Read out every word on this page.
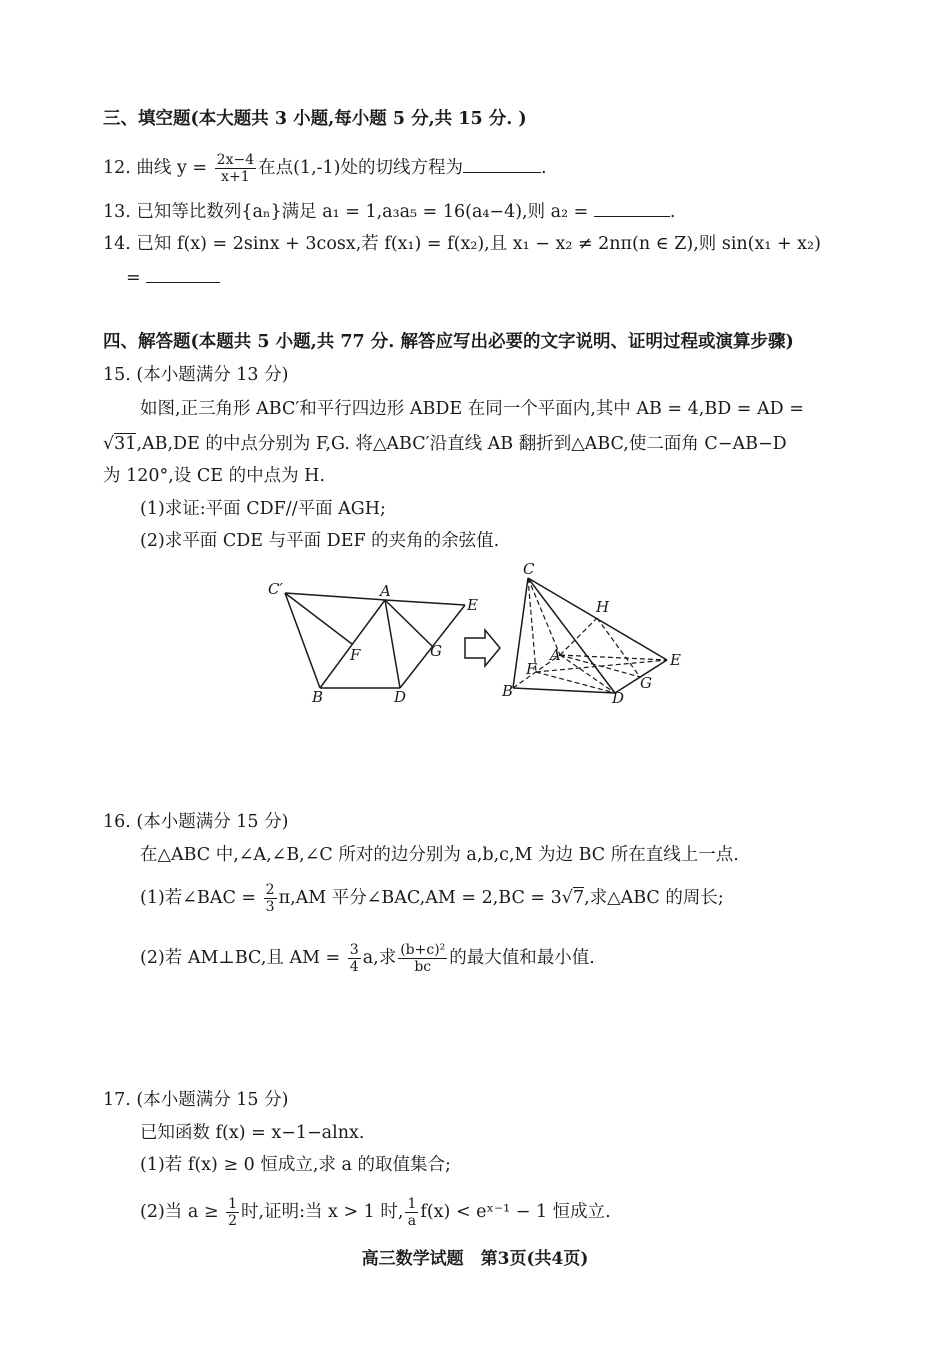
三、填空题(本大题共 3 小题,每小题 5 分,共 15 分. )
12. 曲线 $y = \frac{2x-4}{x+1}$ 在点(1,-1)处的切线方程为	.
13. 已知等比数列{aₙ}满足 a₁ = 1,a₃a₅ = 16(a₄−4),则 a₂ =	.
14. 已知 f(x) = 2sinx + 3cosx,若 f(x₁) = f(x₂),且 x₁ − x₂ ≠ 2nπ(n ∈ Z),则 sin(x₁ + x₂)
=
四、解答题(本题共 5 小题,共 77 分. 解答应写出必要的文字说明、证明过程或演算步骤)
15. (本小题满分 13 分)
如图,正三角形 ABC′和平行四边形 ABDE 在同一个平面内,其中 AB = 4,BD = AD =
√31,AB,DE 的中点分别为 F,G. 将△ABC′沿直线 AB 翻折到△ABC,使二面角 C−AB−D
为 120°,设 CE 的中点为 H.
(1)求证:平面 CDF//平面 AGH;
(2)求平面 CDE 与平面 DEF 的夹角的余弦值.
C′	A
E
F	G
B	D
C
H
A	E
F
G
B	D
16. (本小题满分 15 分)
在△ABC 中,∠A,∠B,∠C 所对的边分别为 a,b,c,M 为边 BC 所在直线上一点.
(1)若∠BAC = $\frac{2}{3} \pi,AM$ 平分∠BAC,AM = 2,BC = 3√7,求△ABC 的周长;
(2)若 AM⊥BC,且 AM = $\frac{3}{4} a$,求 $\frac{\text{(b+c)²}}{bc}$ 的最大值和最小值.
17. (本小题满分 15 分)
已知函数 f(x) = x−1−alnx.
(1)若 f(x) ≥ 0 恒成立,求 a 的取值集合;
(2)当 $a \ge \frac{1}{2}$ 时,证明:当 x > 1 时, $\frac{1}{a} f(x)$ < eˣ⁻¹ − 1 恒成立.
高三数学试题　第3页(共4页)
